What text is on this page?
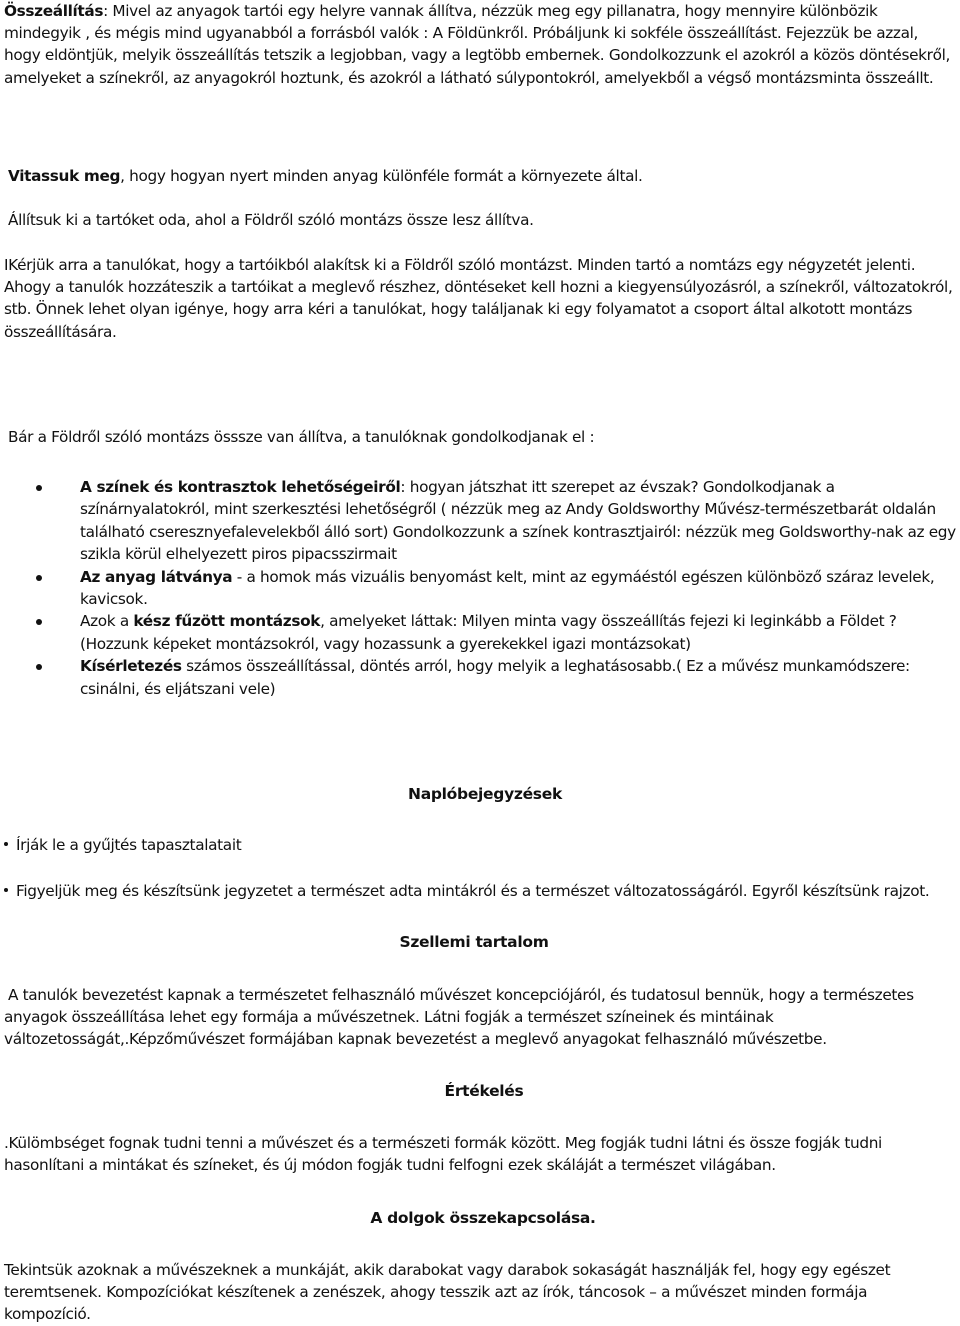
Összeállítás: Mivel az anyagok tartói egy helyre vannak állítva, nézzük meg egy pillanatra, hogy mennyire különbözik mindegyik , és mégis mind ugyanabból a forrásból valók : A Földünkről. Próbáljunk ki sokféle összeállítást. Fejezzük be azzal, hogy eldöntjük, melyik összeállítás tetszik a legjobban, vagy a legtöbb embernek. Gondolkozzunk el azokról a közös döntésekről, amelyeket a színekről, az anyagokról hoztunk, és azokról a látható súlypontokról, amelyekből a végső montázsminta összeállt.

Vitassuk meg, hogy hogyan nyert minden anyag különféle formát a környezete által.

Állítsuk ki a tartóket oda, ahol a Földről szóló montázs össze lesz állítva.

IKérjük arra a tanulókat, hogy a tartóikból alakítsk ki a Földről szóló montázst. Minden tartó a nomtázs egy négyzetét jelenti. Ahogy a tanulók hozzáteszik a tartóikat a meglevő részhez, döntéseket kell hozni a kiegyensúlyozásról, a színekről, változatokról, stb. Önnek lehet olyan igénye, hogy arra kéri a tanulókat, hogy találjanak ki egy folyamatot a csoport által alkotott montázs összeállítására.

Bár a Földről szóló montázs össsze van állítva, a tanulóknak gondolkodjanak el :

A színek és kontrasztok lehetőségeiről: hogyan játszhat itt szerepet az évszak? Gondolkodjanak a színárnyalatokról, mint szerkesztési lehetőségről ( nézzük meg az Andy Goldsworthy Művész-természetbarát oldalán található cseresznyefalevelekből álló sort) Gondolkozzunk a színek kontrasztjairól: nézzük meg Goldsworthy-nak az egy szikla körül elhelyezett piros pipacsszirmait
Az anyag látványa - a homok más vizuális benyomást kelt, mint az egymáéstól egészen különböző száraz levelek, kavicsok.
Azok a kész fűzött montázsok, amelyeket láttak: Milyen minta vagy összeállítás fejezi ki leginkább a Földet ? (Hozzunk képeket montázsokról, vagy hozassunk a gyerekekkel igazi montázsokat)
Kísérletezés számos összeállítással, döntés arról, hogy melyik a leghatásosabb.( Ez a művész munkamódszere: csinálni, és eljátszani vele)
Naplóbejegyzések

Írják le a gyűjtés tapasztalatait

Figyeljük meg és készítsünk jegyzetet a természet adta mintákról és a természet változatosságáról. Egyről készítsünk rajzot.

Szellemi tartalom

A tanulók bevezetést kapnak a természetet felhasználó művészet koncepciójáról, és tudatosul bennük, hogy a természetes anyagok összeállítása lehet egy formája a művészetnek. Látni fogják a természet színeinek és mintáinak változetosságát,.Képzőművészet formájában kapnak bevezetést a meglevő anyagokat felhasználó művészetbe.

Értékelés

.Külömbséget fognak tudni tenni a művészet és a természeti formák között. Meg fogják tudni látni és össze fogják tudni hasonlítani a mintákat és színeket, és új módon fogják tudni felfogni ezek skáláját a természet világában.

A dolgok összekapcsolása.

Tekintsük azoknak a művészeknek a munkáját, akik darabokat vagy darabok sokaságát használják fel, hogy egy egészet teremtsenek. Kompozíciókat készítenek a zenészek, ahogy tesszik azt az írók, táncosok – a művészet minden formája kompozíció.
